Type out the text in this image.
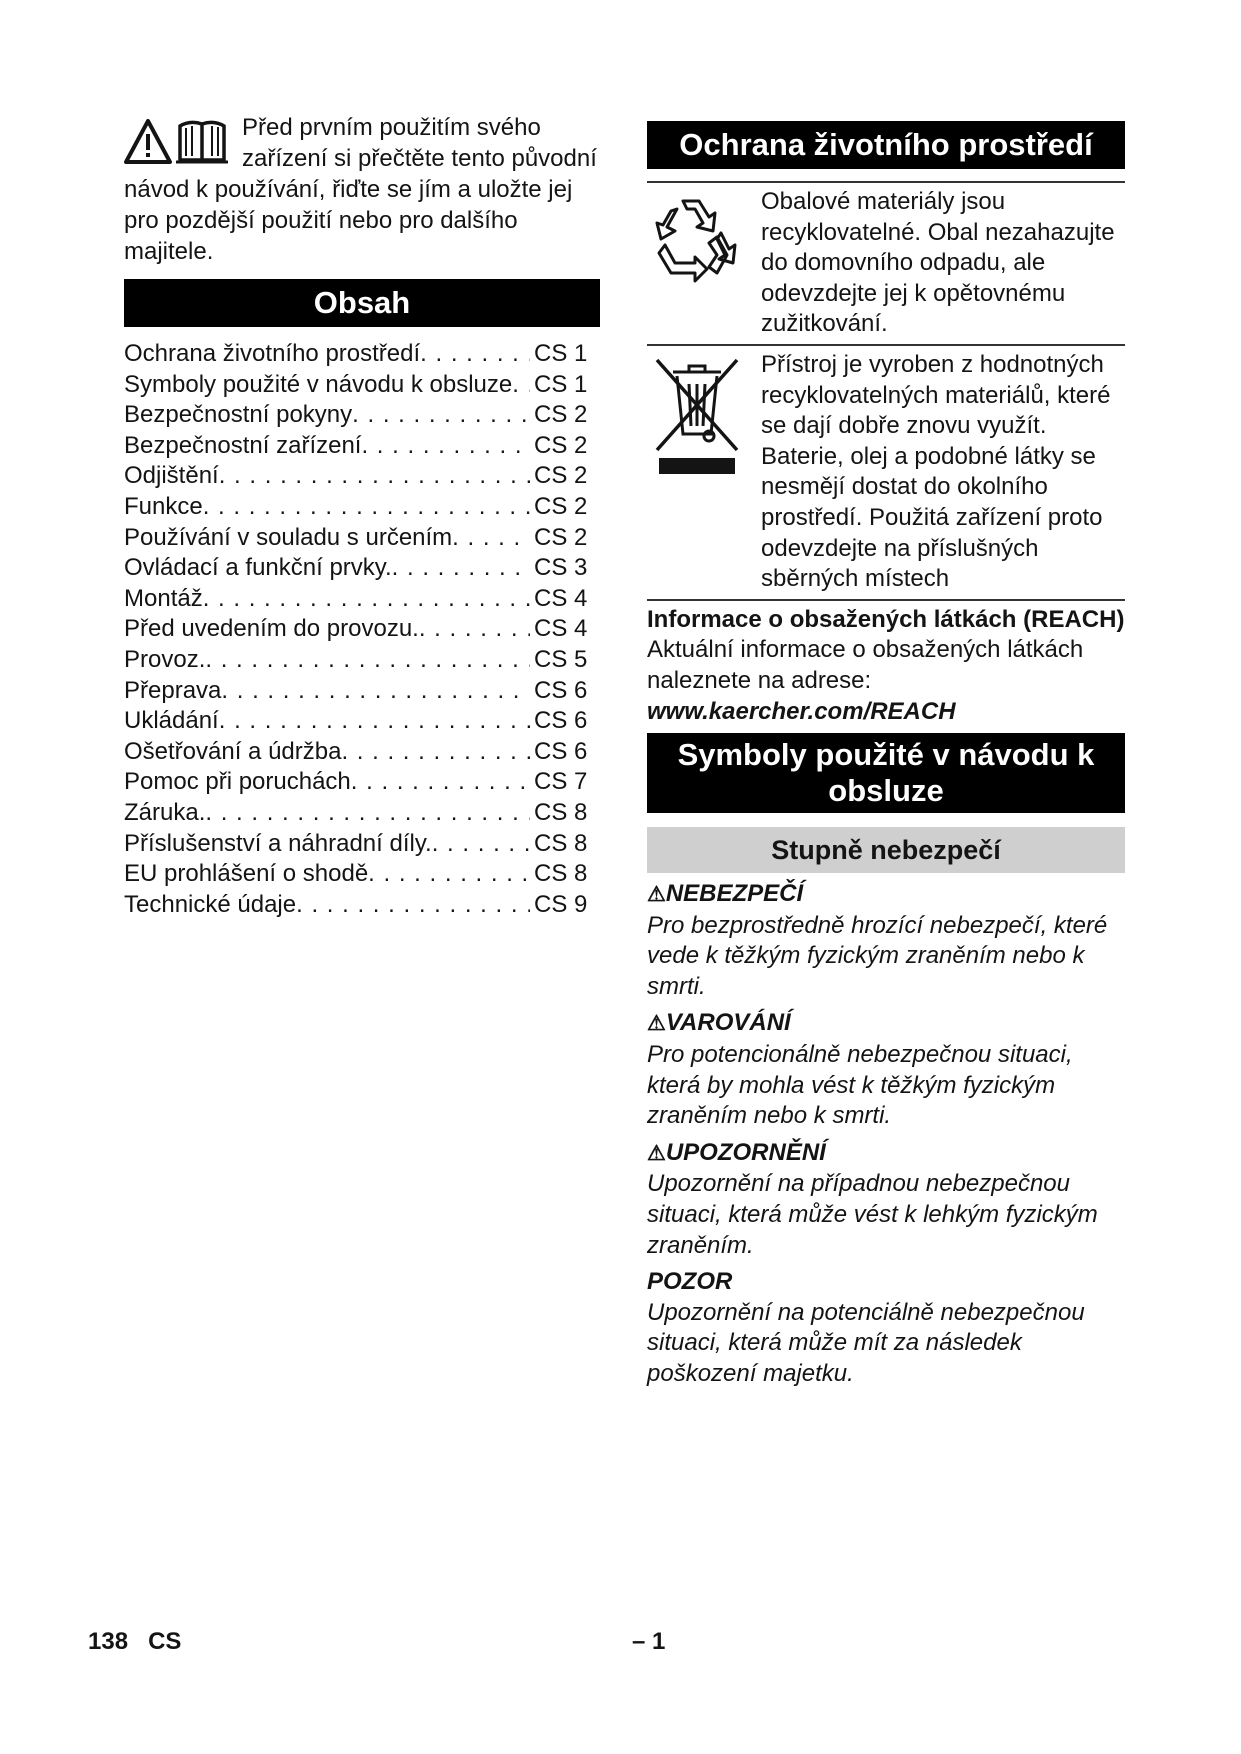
Před prvním použitím svého zařízení si přečtěte tento původní návod k používání, řiďte se jím a uložte jej pro pozdější použití nebo pro dalšího majitele.
Obsah
Ochrana životního prostředí . . .	CS 1
Symboly použité v návodu k obsluze . . . CS 1
Bezpečnostní pokyny . . .	CS 2
Bezpečnostní zařízení . . .	CS 2
Odjištění . . .	CS 2
Funkce . . .	CS 2
Používání v souladu s určením . . .	CS 2
Ovládací a funkční prvky. . . .	CS 3
Montáž . . .	CS 4
Před uvedením do provozu. . . .	CS 4
Provoz. . . .	CS 5
Přeprava . . .	CS 6
Ukládání . . .	CS 6
Ošetřování a údržba . . .	CS 6
Pomoc při poruchách . . .	CS 7
Záruka. . . .	CS 8
Příslušenství a náhradní díly. . . .	CS 8
EU prohlášení o shodě . . .	CS 8
Technické údaje . . .	CS 9
Ochrana životního prostředí
Obalové materiály jsou recyklovatelné. Obal nezahazujte do domovního odpadu, ale odevzdejte jej k opětovnému zužitkování.
Přístroj je vyroben z hodnotných recyklovatelných materiálů, které se dají dobře znovu využít. Baterie, olej a podobné látky se nesmějí dostat do okolního prostředí. Použitá zařízení proto odevzdejte na příslušných sběrných místech
Informace o obsažených látkách (REACH)
Aktuální informace o obsažených látkách naleznete na adrese:
www.kaercher.com/REACH
Symboly použité v návodu k obsluze
Stupně nebezpečí
⚠NEBEZPEČÍ
Pro bezprostředně hrozící nebezpečí, které vede k těžkým fyzickým zraněním nebo k smrti.
⚠VAROVÁNÍ
Pro potencionálně nebezpečnou situaci, která by mohla vést k těžkým fyzickým zraněním nebo k smrti.
⚠UPOZORNĚNÍ
Upozornění na případnou nebezpečnou situaci, která může vést k lehkým fyzickým zraněním.
POZOR
Upozornění na potenciálně nebezpečnou situaci, která může mít za následek poškození majetku.
138 CS	– 1
